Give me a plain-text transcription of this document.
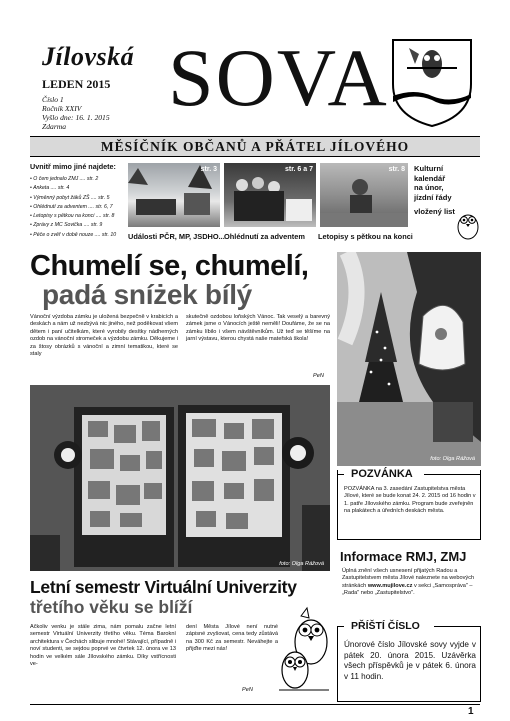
Jílovská SOVA
LEDEN 2015
Číslo 1
Ročník XXIV
Vyšlo dne: 16. 1. 2015
Zdarma
MĚSÍČNÍK OBČANŮ A PŘÁTEL JÍLOVÉHO
Uvnitř mimo jiné najdete:
• O čem jednalo ZMJ .... str. 2
• Anketa .... str. 4
• Výměnný pobyt žáků ZŠ .... str. 5
• Ohlédnutí za adventem .... str. 6, 7
• Letopisy s pětkou na konci .... str. 8
• Zprávy z MC Sovička .... str. 9
• Péče o zvěř v době nouze .... str. 10
str. 3	str. 6 a 7	str. 8
Události PČR, MP, JSDHO... Ohlédnutí za adventem Letopisy s pětkou na konci
Kulturní
kalendář
na únor,
jízdní řády
vložený list
Chumelí se, chumelí,
padá sníżek bílý
Vánoční výzdoba zámku je uložená bezpečně v krabicích a deskách a nám už nezbývá nic jiného, než poděkovat všem dětem i paní učitelkám, které vyrobily desítky nádherných ozdob na vánoční stromeček a výzdobu zámku. Děkujeme i za štosy obrázků s vánoční a zimní tematikou, které se staly
skutečně ozdobou loňských Vánoc. Tak veselý a barevný zámek jsme o Vánocích ještě neměli! Doufáme, že se na zámku líbilo i všem návštěvníkům. Už teď se těšíme na jarní výstavu, kterou chystá naše mateřská škola!
PeN
foto: Olga Rážová
foto: Olga Rážová
POZVÁNKA
POZVÁNKA na 3. zasedání Zastupitelstva města Jílové, které se bude konat 24. 2. 2015 od 16 hodin v 1. patře Jílovského zámku. Program bude zveřejněn na plakátech a úředních deskách města.
Informace RMJ, ZMJ
Úplná znění všech usnesení přijatých Radou a Zastupitelstvem města Jílové naleznete na webových stránkách www.mujilove.cz v sekci „Samospráva" – „Rada" nebo „Zastupitelstvo".
PŘÍŠTÍ ČÍSLO
Únorové číslo Jílovské sovy vyjde v pátek 20. února 2015. Uzávěrka všech příspěvků je v pátek 6. února v 11 hodin.
Letní semestr Virtuální Univerzity
třetího věku se blíží
Ačkoliv venku je stále zima, nám pomalu začne letní semestr Virtuální Univerzity třetího věku. Téma Barokní architektura v Čechách slibuje mnohé! Stávající, případně i noví studenti, se sejdou poprvé ve čtvrtek 12. února ve 13 hodin ve velkém sále Jílovského zámku. Díky vstřícnosti ve-
dení Města Jílové není nutné zápisné zvyšovat, cena tedy zůstává na 300 Kč za semestr. Neváhejte a přijďte mezi nás!
PeN
1
